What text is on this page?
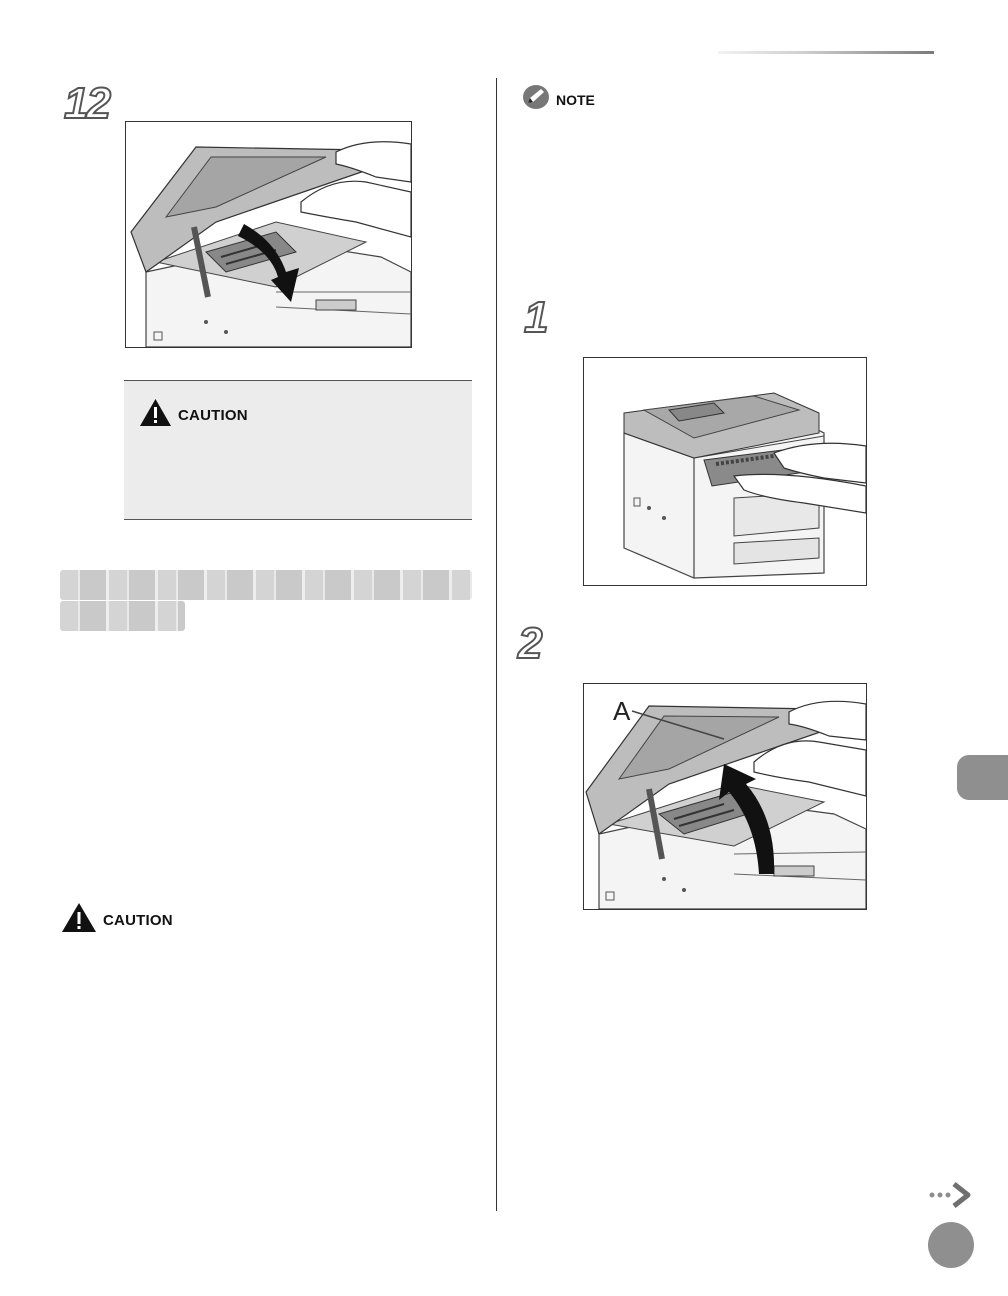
12
CAUTION
CAUTION
NOTE
1
2
A
